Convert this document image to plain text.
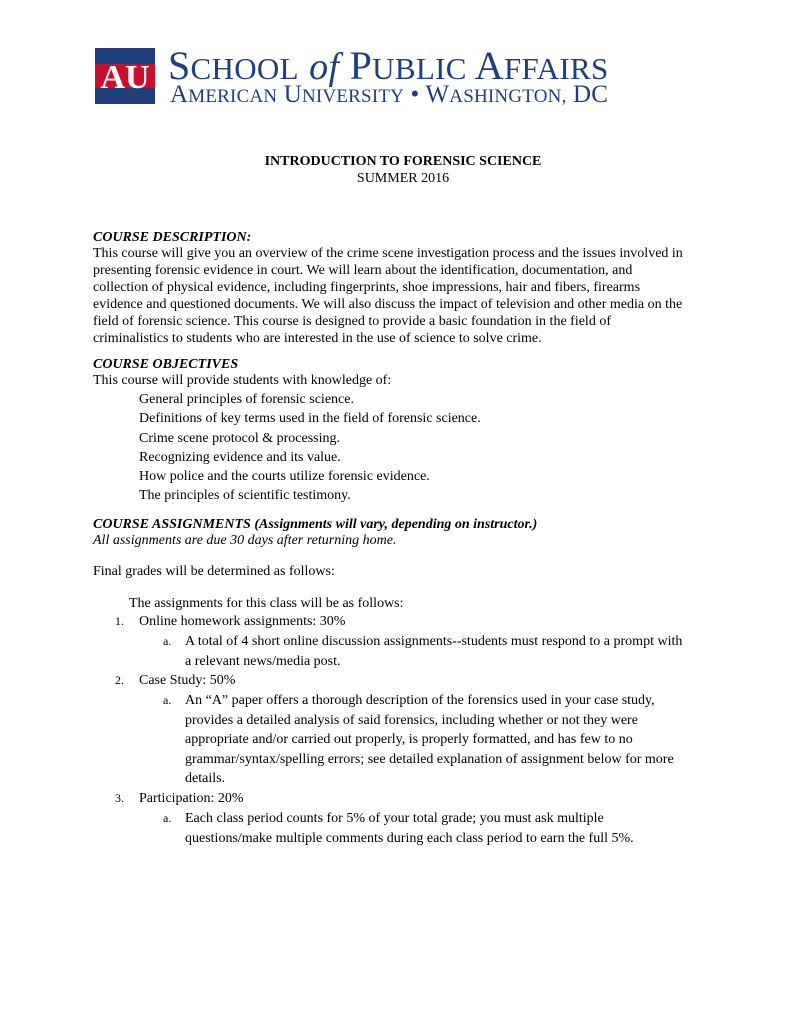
AU SCHOOL of PUBLIC AFFAIRS
AMERICAN UNIVERSITY • WASHINGTON, DC
INTRODUCTION TO FORENSIC SCIENCE
SUMMER 2016
COURSE DESCRIPTION:
This course will give you an overview of the crime scene investigation process and the issues involved in
presenting forensic evidence in court. We will learn about the identification, documentation, and
collection of physical evidence, including fingerprints, shoe impressions, hair and fibers, firearms
evidence and questioned documents. We will also discuss the impact of television and other media on the
field of forensic science. This course is designed to provide a basic foundation in the field of
criminalistics to students who are interested in the use of science to solve crime.
COURSE OBJECTIVES
This course will provide students with knowledge of:
General principles of forensic science.
Definitions of key terms used in the field of forensic science.
Crime scene protocol & processing.
Recognizing evidence and its value.
How police and the courts utilize forensic evidence.
The principles of scientific testimony.
COURSE ASSIGNMENTS (Assignments will vary, depending on instructor.)
All assignments are due 30 days after returning home.
Final grades will be determined as follows:
The assignments for this class will be as follows:
1. Online homework assignments: 30%
a. A total of 4 short online discussion assignments--students must respond to a prompt with
a relevant news/media post.
2. Case Study: 50%
a. An “A” paper offers a thorough description of the forensics used in your case study,
provides a detailed analysis of said forensics, including whether or not they were
appropriate and/or carried out properly, is properly formatted, and has few to no
grammar/syntax/spelling errors; see detailed explanation of assignment below for more
details.
3. Participation: 20%
a. Each class period counts for 5% of your total grade; you must ask multiple
questions/make multiple comments during each class period to earn the full 5%.
